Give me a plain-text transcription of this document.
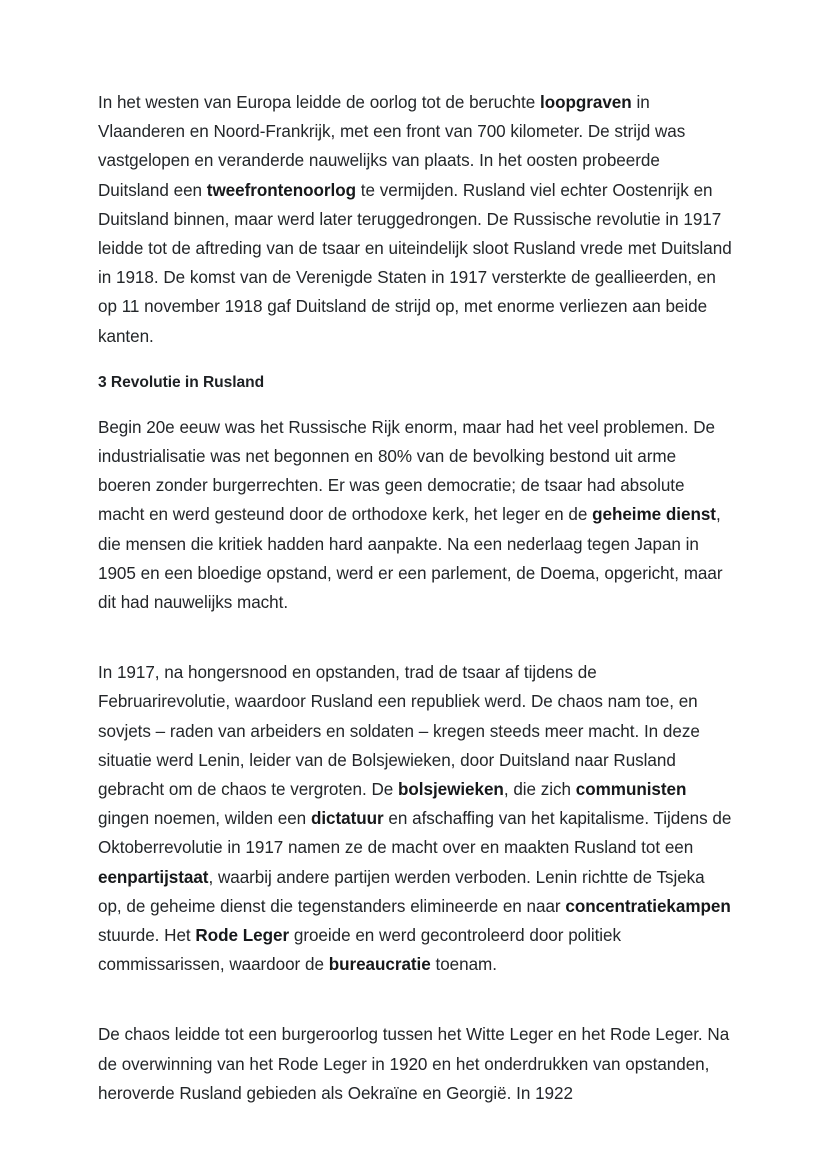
In het westen van Europa leidde de oorlog tot de beruchte loopgraven in Vlaanderen en Noord-Frankrijk, met een front van 700 kilometer. De strijd was vastgelopen en veranderde nauwelijks van plaats. In het oosten probeerde Duitsland een tweefrontenoorlog te vermijden. Rusland viel echter Oostenrijk en Duitsland binnen, maar werd later teruggedrongen. De Russische revolutie in 1917 leidde tot de aftreding van de tsaar en uiteindelijk sloot Rusland vrede met Duitsland in 1918. De komst van de Verenigde Staten in 1917 versterkte de geallieerden, en op 11 november 1918 gaf Duitsland de strijd op, met enorme verliezen aan beide kanten.

3 Revolutie in Rusland

Begin 20e eeuw was het Russische Rijk enorm, maar had het veel problemen. De industrialisatie was net begonnen en 80% van de bevolking bestond uit arme boeren zonder burgerrechten. Er was geen democratie; de tsaar had absolute macht en werd gesteund door de orthodoxe kerk, het leger en de geheime dienst, die mensen die kritiek hadden hard aanpakte. Na een nederlaag tegen Japan in 1905 en een bloedige opstand, werd er een parlement, de Doema, opgericht, maar dit had nauwelijks macht.

In 1917, na hongersnood en opstanden, trad de tsaar af tijdens de Februarirevolutie, waardoor Rusland een republiek werd. De chaos nam toe, en sovjets – raden van arbeiders en soldaten – kregen steeds meer macht. In deze situatie werd Lenin, leider van de Bolsjewieken, door Duitsland naar Rusland gebracht om de chaos te vergroten. De bolsjewieken, die zich communisten gingen noemen, wilden een dictatuur en afschaffing van het kapitalisme. Tijdens de Oktoberrevolutie in 1917 namen ze de macht over en maakten Rusland tot een eenpartijstaat, waarbij andere partijen werden verboden. Lenin richtte de Tsjeka op, de geheime dienst die tegenstanders elimineerde en naar concentratiekampen stuurde. Het Rode Leger groeide en werd gecontroleerd door politiek commissarissen, waardoor de bureaucratie toenam.

De chaos leidde tot een burgeroorlog tussen het Witte Leger en het Rode Leger. Na de overwinning van het Rode Leger in 1920 en het onderdrukken van opstanden, heroverde Rusland gebieden als Oekraïne en Georgië. In 1922
